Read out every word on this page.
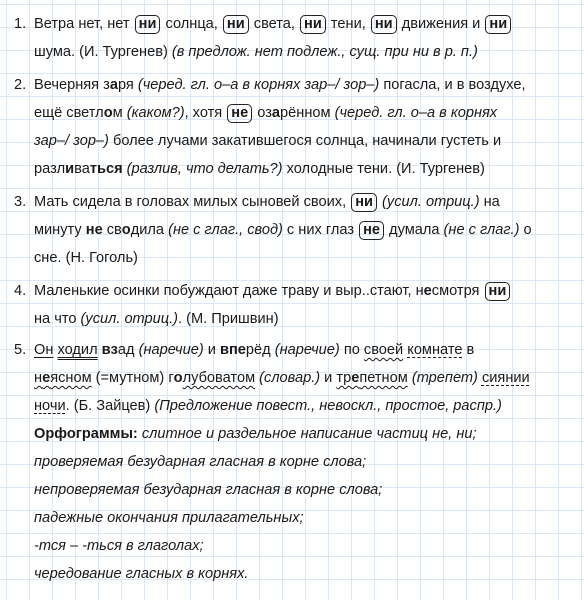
1. Ветра нет, нет ни солнца, ни света, ни тени, ни движения и ни
шума. (И. Тургенев) (в предлож. нет подлеж., сущ. при ни в р. п.)
2. Вечерняя заря (черед. гл. о–а в корнях зар–/ зор–) погасла, и в воздухе,
ещё светлом (каком?), хотя не озарённом (черед. гл. о–а в корнях
зар–/ зор–) более лучами закатившегося солнца, начинали густеть и
разливаться (разлив, что делать?) холодные тени. (И. Тургенев)
3. Мать сидела в головах милых сыновей своих, ни (усил. отриц.) на
минуту не сводила (не с глаг., свод) с них глаз не думала (не с глаг.) о
сне. (Н. Гоголь)
4. Маленькие осинки побуждают даже траву и выр..стают, несмотря ни
на что (усил. отриц.). (М. Пришвин)
5. Он ходил взад (наречие) и вперёд (наречие) по своей комнате в
неясном (=мутном) голубоватом (словар.) и трепетном (трепет) сиянии
ночи. (Б. Зайцев) (Предложение повест., невоскл., простое, распр.)
Орфограммы: слитное и раздельное написание частиц не, ни;
проверяемая безударная гласная в корне слова;
непроверяемая безударная гласная в корне слова;
падежные окончания прилагательных;
-тся – -ться в глаголах;
чередование гласных в корнях.
